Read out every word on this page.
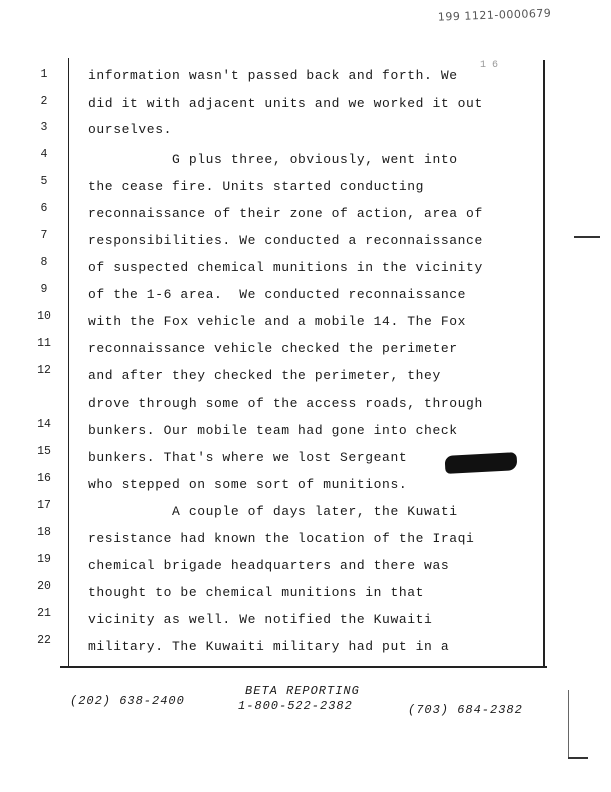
199 1121-0000679
1 6
1	information wasn't passed back and forth. We
2	did it with adjacent units and we worked it out
3	ourselves.
4	G plus three, obviously, went into
5	the cease fire. Units started conducting
6	reconnaissance of their zone of action, area of
7	responsibilities. We conducted a reconnaissance
8	of suspected chemical munitions in the vicinity
9	of the 1-6 area.  We conducted reconnaissance
10	with the Fox vehicle and a mobile 14. The Fox
11	reconnaissance vehicle checked the perimeter
12	and after they checked the perimeter, they
drove through some of the access roads, through
14	bunkers. Our mobile team had gone into check
15	bunkers. That's where we lost Sergeant
16	who stepped on some sort of munitions.
17	A couple of days later, the Kuwati
18	resistance had known the location of the Iraqi
19	chemical brigade headquarters and there was
20	thought to be chemical munitions in that
21	vicinity as well. We notified the Kuwaiti
22	military. The Kuwaiti military had put in a
BETA REPORTING
(202) 638-2400	1-800-522-2382	(703) 684-2382
